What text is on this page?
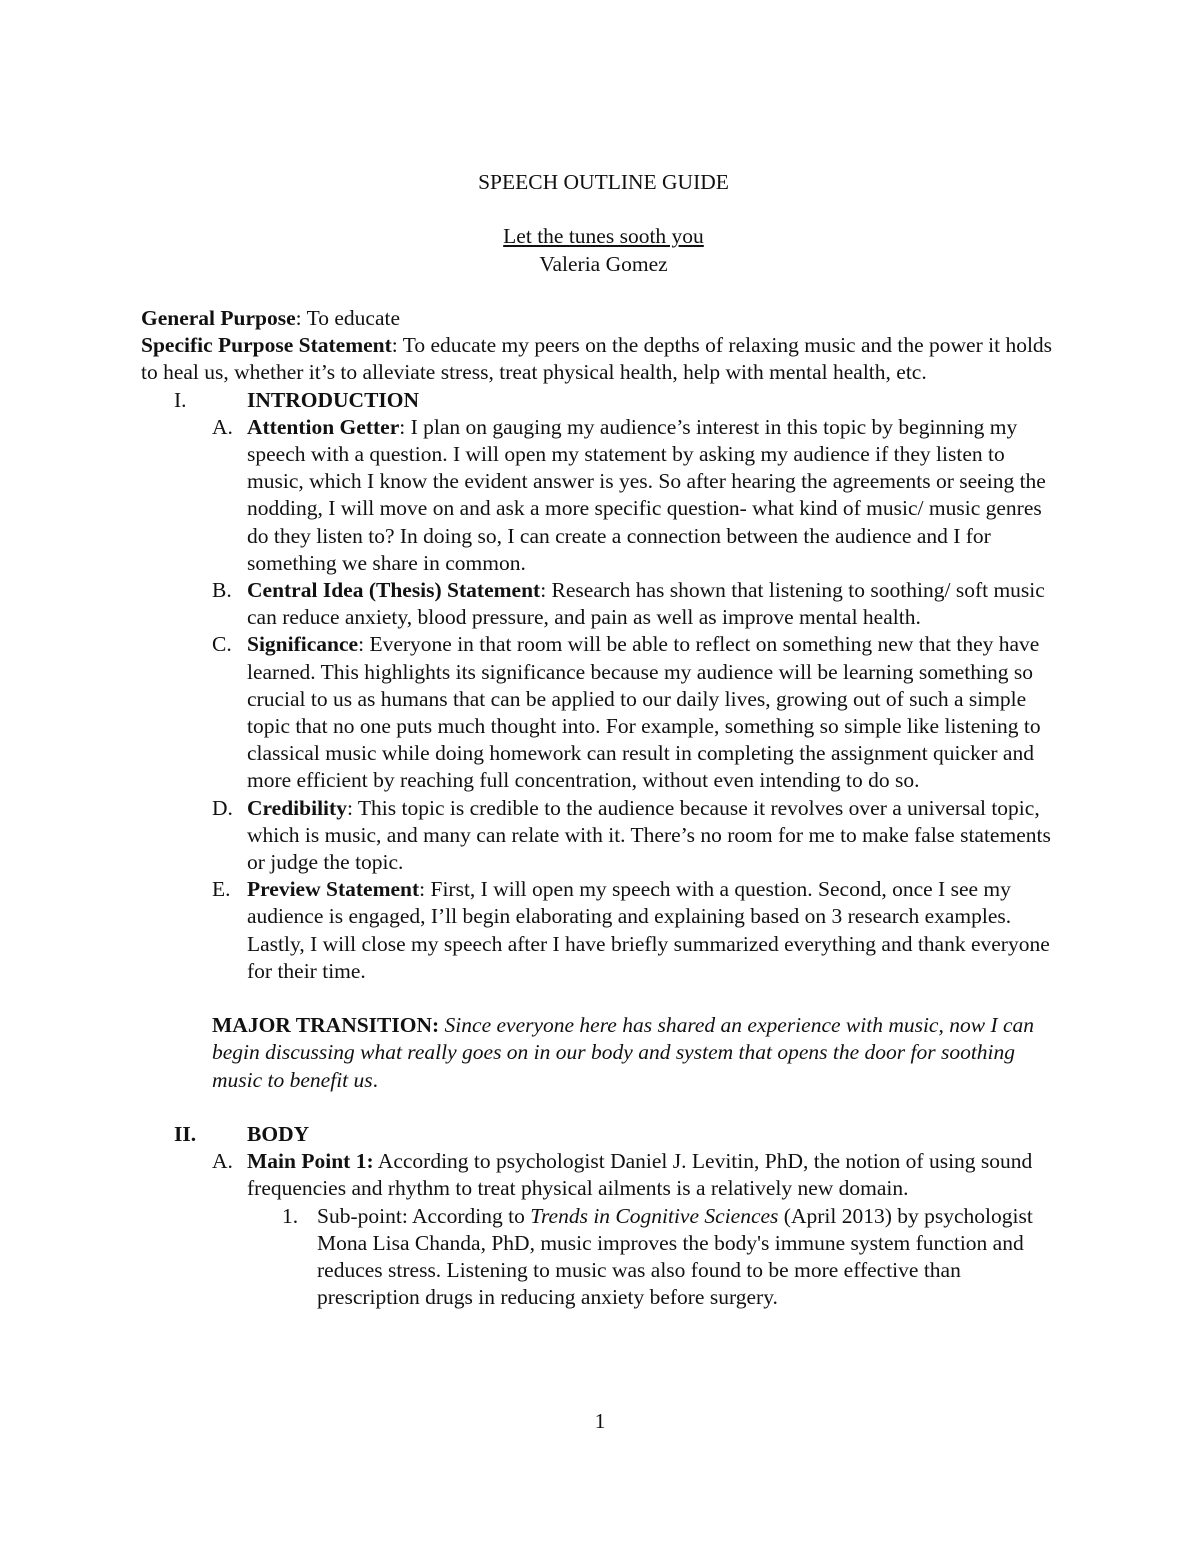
SPEECH OUTLINE GUIDE

Let the tunes sooth you

Valeria Gomez

General Purpose: To educate

Specific Purpose Statement: To educate my peers on the depths of relaxing music and the power it holds to heal us, whether it’s to alleviate stress, treat physical health, help with mental health, etc.

I.	INTRODUCTION

A. Attention Getter: I plan on gauging my audience’s interest in this topic by beginning my speech with a question. I will open my statement by asking my audience if they listen to music, which I know the evident answer is yes. So after hearing the agreements or seeing the nodding, I will move on and ask a more specific question- what kind of music/ music genres do they listen to? In doing so, I can create a connection between the audience and I for something we share in common.

B. Central Idea (Thesis) Statement: Research has shown that listening to soothing/ soft music can reduce anxiety, blood pressure, and pain as well as improve mental health.

C. Significance: Everyone in that room will be able to reflect on something new that they have learned. This highlights its significance because my audience will be learning something so crucial to us as humans that can be applied to our daily lives, growing out of such a simple topic that no one puts much thought into. For example, something so simple like listening to classical music while doing homework can result in completing the assignment quicker and more efficient by reaching full concentration, without even intending to do so.

D. Credibility: This topic is credible to the audience because it revolves over a universal topic, which is music, and many can relate with it. There’s no room for me to make false statements or judge the topic.

E. Preview Statement: First, I will open my speech with a question. Second, once I see my audience is engaged, I’ll begin elaborating and explaining based on 3 research examples. Lastly, I will close my speech after I have briefly summarized everything and thank everyone for their time.

MAJOR TRANSITION: Since everyone here has shared an experience with music, now I can begin discussing what really goes on in our body and system that opens the door for soothing music to benefit us.

II.	BODY

A. Main Point 1: According to psychologist Daniel J. Levitin, PhD, the notion of using sound frequencies and rhythm to treat physical ailments is a relatively new domain.

1. Sub-point: According to Trends in Cognitive Sciences (April 2013) by psychologist Mona Lisa Chanda, PhD, music improves the body's immune system function and reduces stress. Listening to music was also found to be more effective than prescription drugs in reducing anxiety before surgery.

1
